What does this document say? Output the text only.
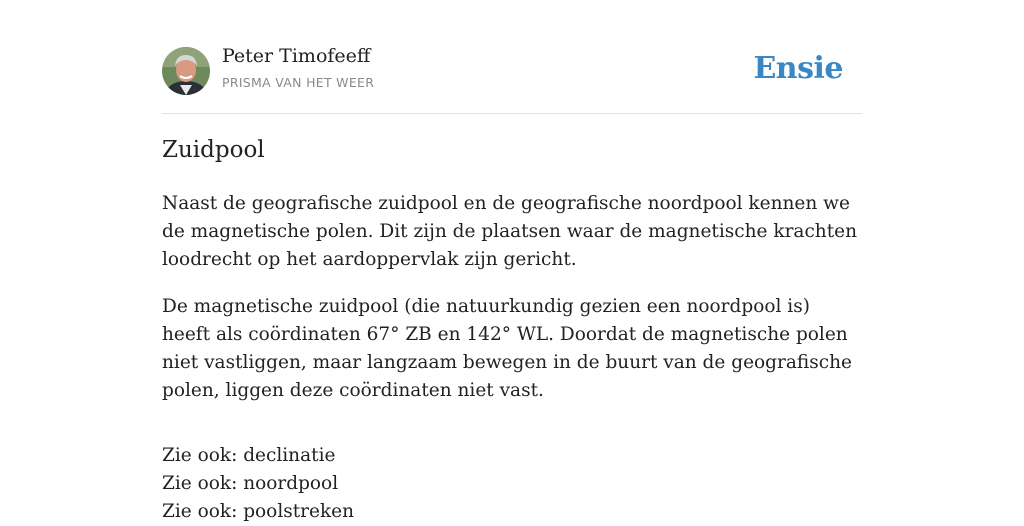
Peter Timofeeff
PRISMA VAN HET WEER	Ensie
Zuidpool

Naast de geografische zuidpool en de geografische noordpool kennen we de magnetische polen. Dit zijn de plaatsen waar de magnetische krachten loodrecht op het aardoppervlak zijn gericht.

De magnetische zuidpool (die natuurkundig gezien een noordpool is) heeft als coördinaten 67° ZB en 142° WL. Doordat de magnetische polen niet vastliggen, maar langzaam bewegen in de buurt van de geografische polen, liggen deze coördinaten niet vast.

Zie ook: declinatie
Zie ook: noordpool
Zie ook: poolstreken
